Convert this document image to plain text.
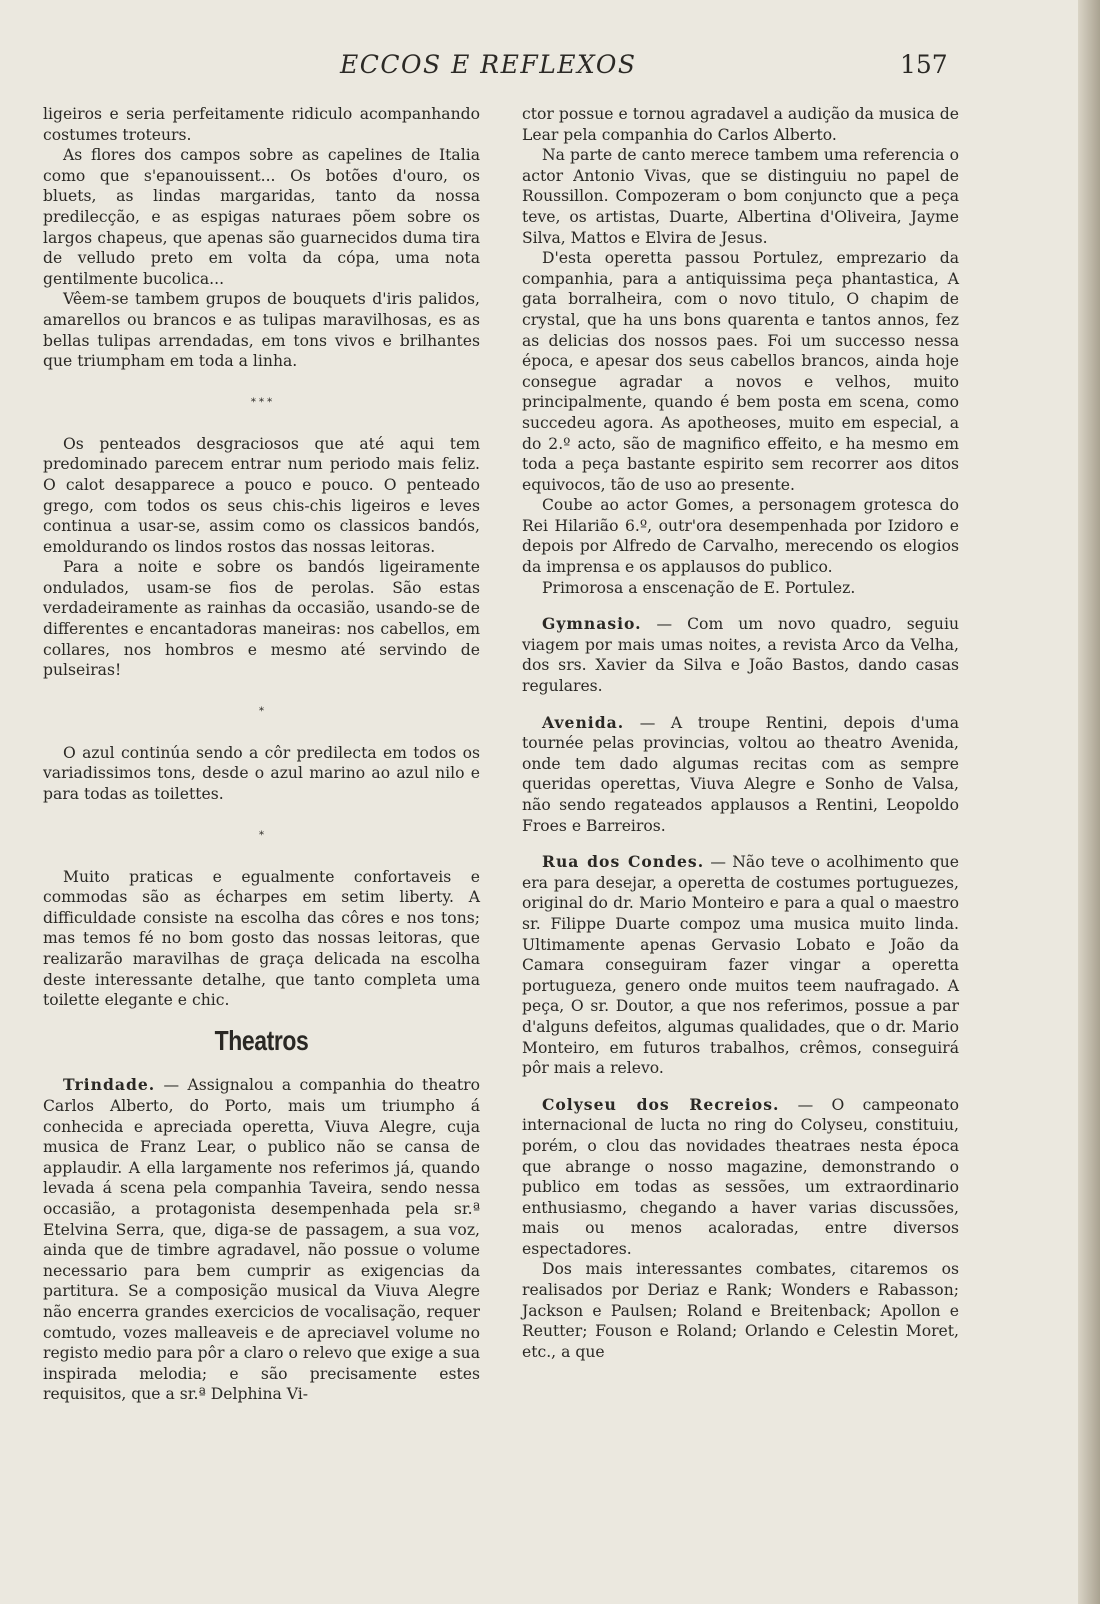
ECCOS E REFLEXOS	157

ligeiros e seria perfeitamente ridiculo acompanhando costumes troteurs.

As flores dos campos sobre as capelines de Italia como que s'epanouissent... Os botões d'ouro, os bluets, as lindas margaridas, tanto da nossa predilecção, e as espigas naturaes põem sobre os largos chapeus, que apenas são guarnecidos duma tira de velludo preto em volta da cópa, uma nota gentilmente bucolica...

Vêem-se tambem grupos de bouquets d'iris palidos, amarellos ou brancos e as tulipas maravilhosas, es as bellas tulipas arrendadas, em tons vivos e brilhantes que triumpham em toda a linha.

* * *

Os penteados desgraciosos que até aqui tem predominado parecem entrar num periodo mais feliz. O calot desapparece a pouco e pouco. O penteado grego, com todos os seus chis-chis ligeiros e leves continua a usar-se, assim como os classicos bandós, emoldurando os lindos rostos das nossas leitoras.

Para a noite e sobre os bandós ligeiramente ondulados, usam-se fios de perolas. São estas verdadeiramente as rainhas da occasião, usando-se de differentes e encantadoras maneiras: nos cabellos, em collares, nos hombros e mesmo até servindo de pulseiras!

*

O azul continúa sendo a côr predilecta em todos os variadissimos tons, desde o azul marino ao azul nilo e para todas as toilettes.

*

Muito praticas e egualmente confortaveis e commodas são as écharpes em setim liberty. A difficuldade consiste na escolha das côres e nos tons; mas temos fé no bom gosto das nossas leitoras, que realizarão maravilhas de graça delicada na escolha deste interessante detalhe, que tanto completa uma toilette elegante e chic.

Theatros

Trindade. — Assignalou a companhia do theatro Carlos Alberto, do Porto, mais um triumpho á conhecida e apreciada operetta, Viuva Alegre, cuja musica de Franz Lear, o publico não se cansa de applaudir. A ella largamente nos referimos já, quando levada á scena pela companhia Taveira, sendo nessa occasião, a protagonista desempenhada pela sr.ª Etelvina Serra, que, diga-se de passagem, a sua voz, ainda que de timbre agradavel, não possue o volume necessario para bem cumprir as exigencias da partitura. Se a composição musical da Viuva Alegre não encerra grandes exercicios de vocalisação, requer comtudo, vozes malleaveis e de apreciavel volume no registo medio para pôr a claro o relevo que exige a sua inspirada melodia; e são precisamente estes requisitos, que a sr.ª Delphina Vi-

ctor possue e tornou agradavel a audição da musica de Lear pela companhia do Carlos Alberto.

Na parte de canto merece tambem uma referencia o actor Antonio Vivas, que se distinguiu no papel de Roussillon. Compozeram o bom conjuncto que a peça teve, os artistas, Duarte, Albertina d'Oliveira, Jayme Silva, Mattos e Elvira de Jesus.

D'esta operetta passou Portulez, emprezario da companhia, para a antiquissima peça phantastica, A gata borralheira, com o novo titulo, O chapim de crystal, que ha uns bons quarenta e tantos annos, fez as delicias dos nossos paes. Foi um successo nessa época, e apesar dos seus cabellos brancos, ainda hoje consegue agradar a novos e velhos, muito principalmente, quando é bem posta em scena, como succedeu agora. As apotheoses, muito em especial, a do 2.º acto, são de magnifico effeito, e ha mesmo em toda a peça bastante espirito sem recorrer aos ditos equivocos, tão de uso ao presente.

Coube ao actor Gomes, a personagem grotesca do Rei Hilarião 6.º, outr'ora desempenhada por Izidoro e depois por Alfredo de Carvalho, merecendo os elogios da imprensa e os applausos do publico.

Primorosa a enscenação de E. Portulez.

Gymnasio. — Com um novo quadro, seguiu viagem por mais umas noites, a revista Arco da Velha, dos srs. Xavier da Silva e João Bastos, dando casas regulares.

Avenida. — A troupe Rentini, depois d'uma tournée pelas provincias, voltou ao theatro Avenida, onde tem dado algumas recitas com as sempre queridas operettas, Viuva Alegre e Sonho de Valsa, não sendo regateados applausos a Rentini, Leopoldo Froes e Barreiros.

Rua dos Condes. — Não teve o acolhimento que era para desejar, a operetta de costumes portuguezes, original do dr. Mario Monteiro e para a qual o maestro sr. Filippe Duarte compoz uma musica muito linda. Ultimamente apenas Gervasio Lobato e João da Camara conseguiram fazer vingar a operetta portugueza, genero onde muitos teem naufragado. A peça, O sr. Doutor, a que nos referimos, possue a par d'alguns defeitos, algumas qualidades, que o dr. Mario Monteiro, em futuros trabalhos, crêmos, conseguirá pôr mais a relevo.

Colyseu dos Recreios. — O campeonato internacional de lucta no ring do Colyseu, constituiu, porém, o clou das novidades theatraes nesta época que abrange o nosso magazine, demonstrando o publico em todas as sessões, um extraordinario enthusiasmo, chegando a haver varias discussões, mais ou menos acaloradas, entre diversos espectadores.

Dos mais interessantes combates, citaremos os realisados por Deriaz e Rank; Wonders e Rabasson; Jackson e Paulsen; Roland e Breitenback; Apollon e Reutter; Fouson e Roland; Orlando e Celestin Moret, etc., a que
